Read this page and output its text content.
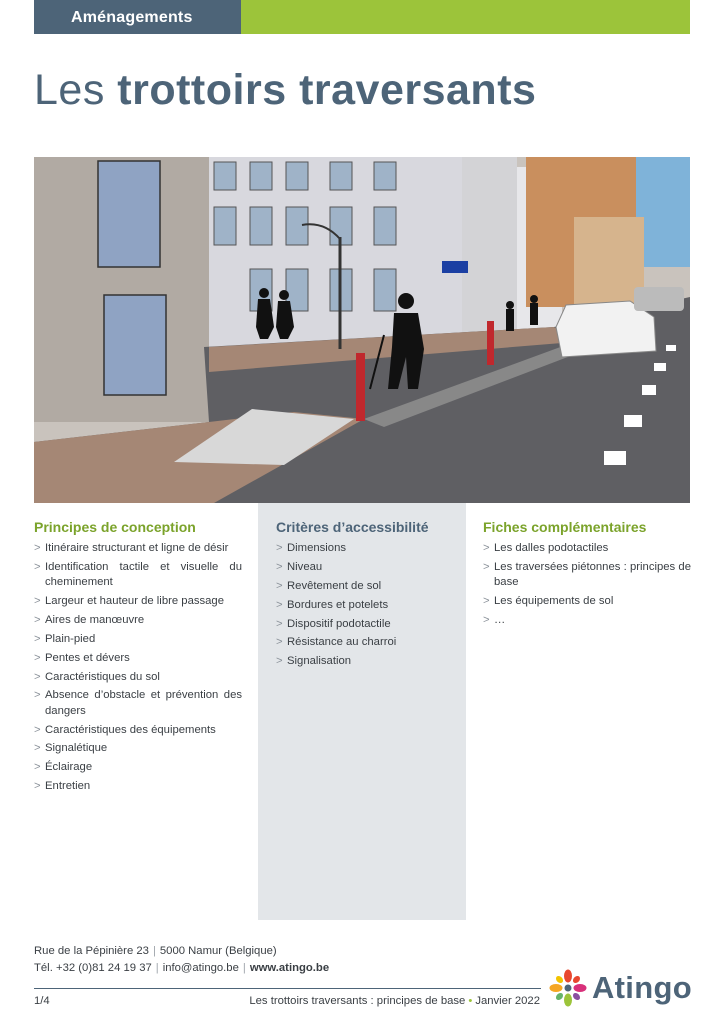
Aménagements
Les trottoirs traversants
Principes de conception
> Itinéraire structurant et ligne de désir
> Identification tactile et visuelle du cheminement
> Largeur et hauteur de libre passage
> Aires de manœuvre
> Plain-pied
> Pentes et dévers
> Caractéristiques du sol
> Absence d’obstacle et prévention des dangers
> Caractéristiques des équipements
> Signalétique
> Éclairage
> Entretien
Critères d’accessibilité
> Dimensions
> Niveau
> Revêtement de sol
> Bordures et potelets
> Dispositif podotactile
> Résistance au charroi
> Signalisation
Fiches complémentaires
> Les dalles podotactiles
> Les traversées piétonnes : principes de base
> Les équipements de sol
> …
Rue de la Pépinière 23 | 5000 Namur (Belgique)
Tél. +32 (0)81 24 19 37 | info@atingo.be | www.atingo.be
1/4	Les trottoirs traversants : principes de base • Janvier 2022 Atingo
